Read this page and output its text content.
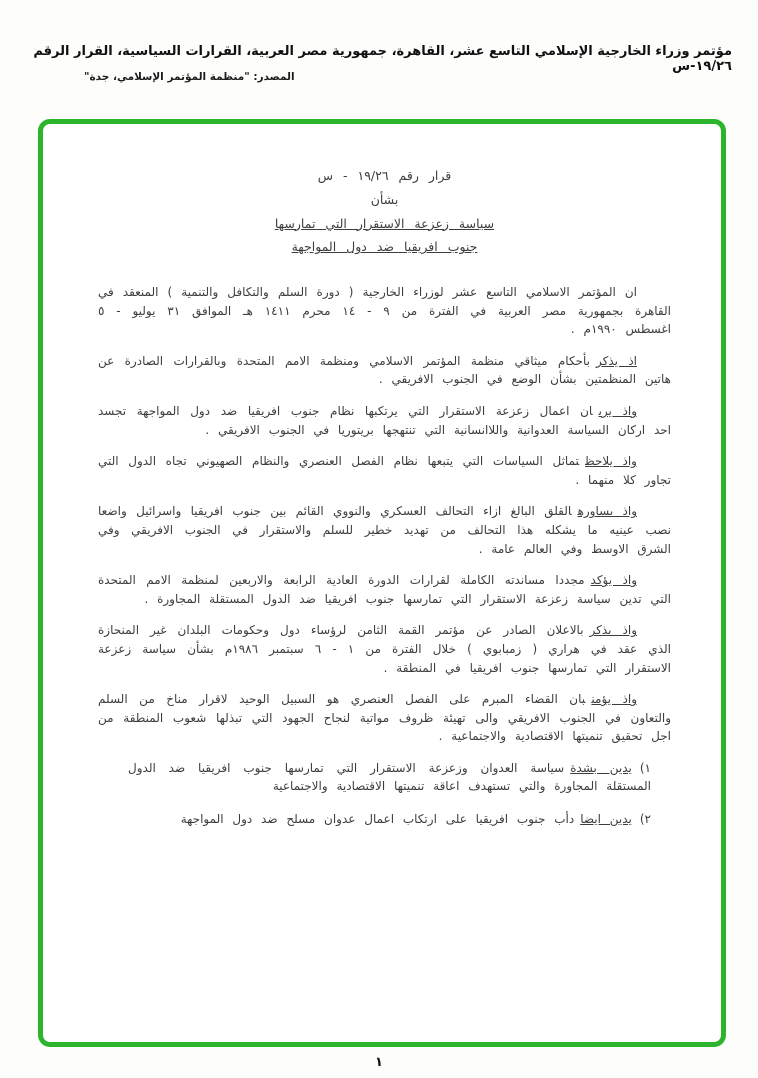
مؤتمر وزراء الخارجية الإسلامي التاسع عشر، القاهرة، جمهورية مصر العربية، القرارات السياسية، القرار الرقم ١٩/٢٦-س
المصدر: "منظمة المؤتمر الإسلامي، جدة"
قرار رقم ١٩/٢٦ - س
بشأن
سياسة زعزعة الاستقرار التي تمارسها
جنوب افريقيا ضد دول المواجهة

ان المؤتمر الاسلامي التاسع عشر لوزراء الخارجية ( دورة السلم والتكافل والتنمية ) المنعقد في القاهرة بجمهورية مصر العربية في الفترة من ٩ - ١٤ محرم ١٤١١ هـ الموافق ٣١ يوليو - ٥ اغسطس ١٩٩٠م .

اذ يذكربأحكام ميثاقي منظمة المؤتمر الاسلامي ومنظمة الامم المتحدة وبالقرارات الصادرة عن هاتين المنظمتين بشأن الوضع في الجنوب الافريقي .

واذ يرىان اعمال زعزعة الاستقرار التي يرتكبها نظام جنوب افريقيا ضد دول المواجهة تجسد احد اركان السياسة العدوانية واللاانسانية التي تنتهجها بريتوريا في الجنوب الافريقي .

واذ يلاحظتماثل السياسات التي يتبعها نظام الفصل العنصري والنظام الصهيوني تجاه الدول التي تجاور كلا منهما .

واذ يساورهالقلق البالغ ازاء التحالف العسكري والنووي القائم بين جنوب افريقيا واسرائيل واضعا نصب عينيه ما يشكله هذا التحالف من تهديد خطير للسلم والاستقرار في الجنوب الافريقي وفي الشرق الاوسط وفي العالم عامة .

واذ يؤكدمجددا مساندته الكاملة لقرارات الدورة العادية الرابعة والاربعين لمنظمة الامم المتحدة التي تدين سياسة زعزعة الاستقرار التي تمارسها جنوب افريقيا ضد الدول المستقلة المجاورة .

واذ يذكربالاعلان الصادر عن مؤتمر القمة الثامن لرؤساء دول وحكومات البلدان غير المنحازة الذي عقد في هراري ( زمبابوي ) خلال الفترة من ١ - ٦ سبتمبر ١٩٨٦م بشأن سياسة زعزعة الاستقرار التي تمارسها جنوب افريقيا في المنطقة .

واذ يؤمنبان القضاء المبرم على الفصل العنصري هو السبيل الوحيد لاقرار مناخ من السلم والتعاون في الجنوب الافريقي والى تهيئة ظروف مواتية لنجاح الجهود التي تبذلها شعوب المنطقة من اجل تحقيق تنميتها الاقتصادية والاجتماعية .

١)يدين بشدةسياسة العدوان وزعزعة الاستقرار التي تمارسها جنوب افريقيا ضد الدول المستقلة المجاورة والتي تستهدف اعاقة تنميتها الاقتصادية والاجتماعية

٢)يدين ايضادأب جنوب افريقيا على ارتكاب اعمال عدوان مسلح ضد دول المواجهة

١
